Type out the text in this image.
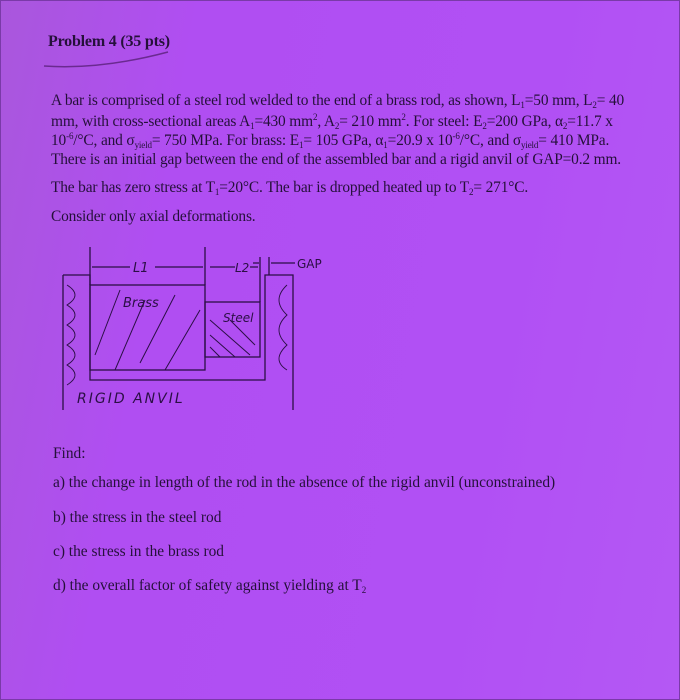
Problem 4 (35 pts)
A bar is comprised of a steel rod welded to the end of a brass rod, as shown, $L_1=50$ mm, $L_2= 40$
mm, with cross-sectional areas $A_1=430$ $mm^2$, $A_2= 210$ $mm^2$. For steel: $E_2=200$ GPa, $\alpha_2=11.7$ x
$10^{-6}/^\circ C$, and $\sigma_{yield}= 750$ MPa. For brass: $E_1= 105$ GPa, $\alpha_1=20.9$ x $10^{-6}/^\circ C$, and $\sigma_{yield}= 410$ MPa.
There is an initial gap between the end of the assembled bar and a rigid anvil of GAP=0.2 mm.
The bar has zero stress at $T_1=20^\circ C$. The bar is dropped heated up to $T_2= 271^\circ C$.
Consider only axial deformations.
L1	L2	GAP
Brass
Steel
RIGID ANVIL
Find:
a) the change in length of the rod in the absence of the rigid anvil (unconstrained)
b) the stress in the steel rod
c) the stress in the brass rod
d) the overall factor of safety against yielding at $T_2$
